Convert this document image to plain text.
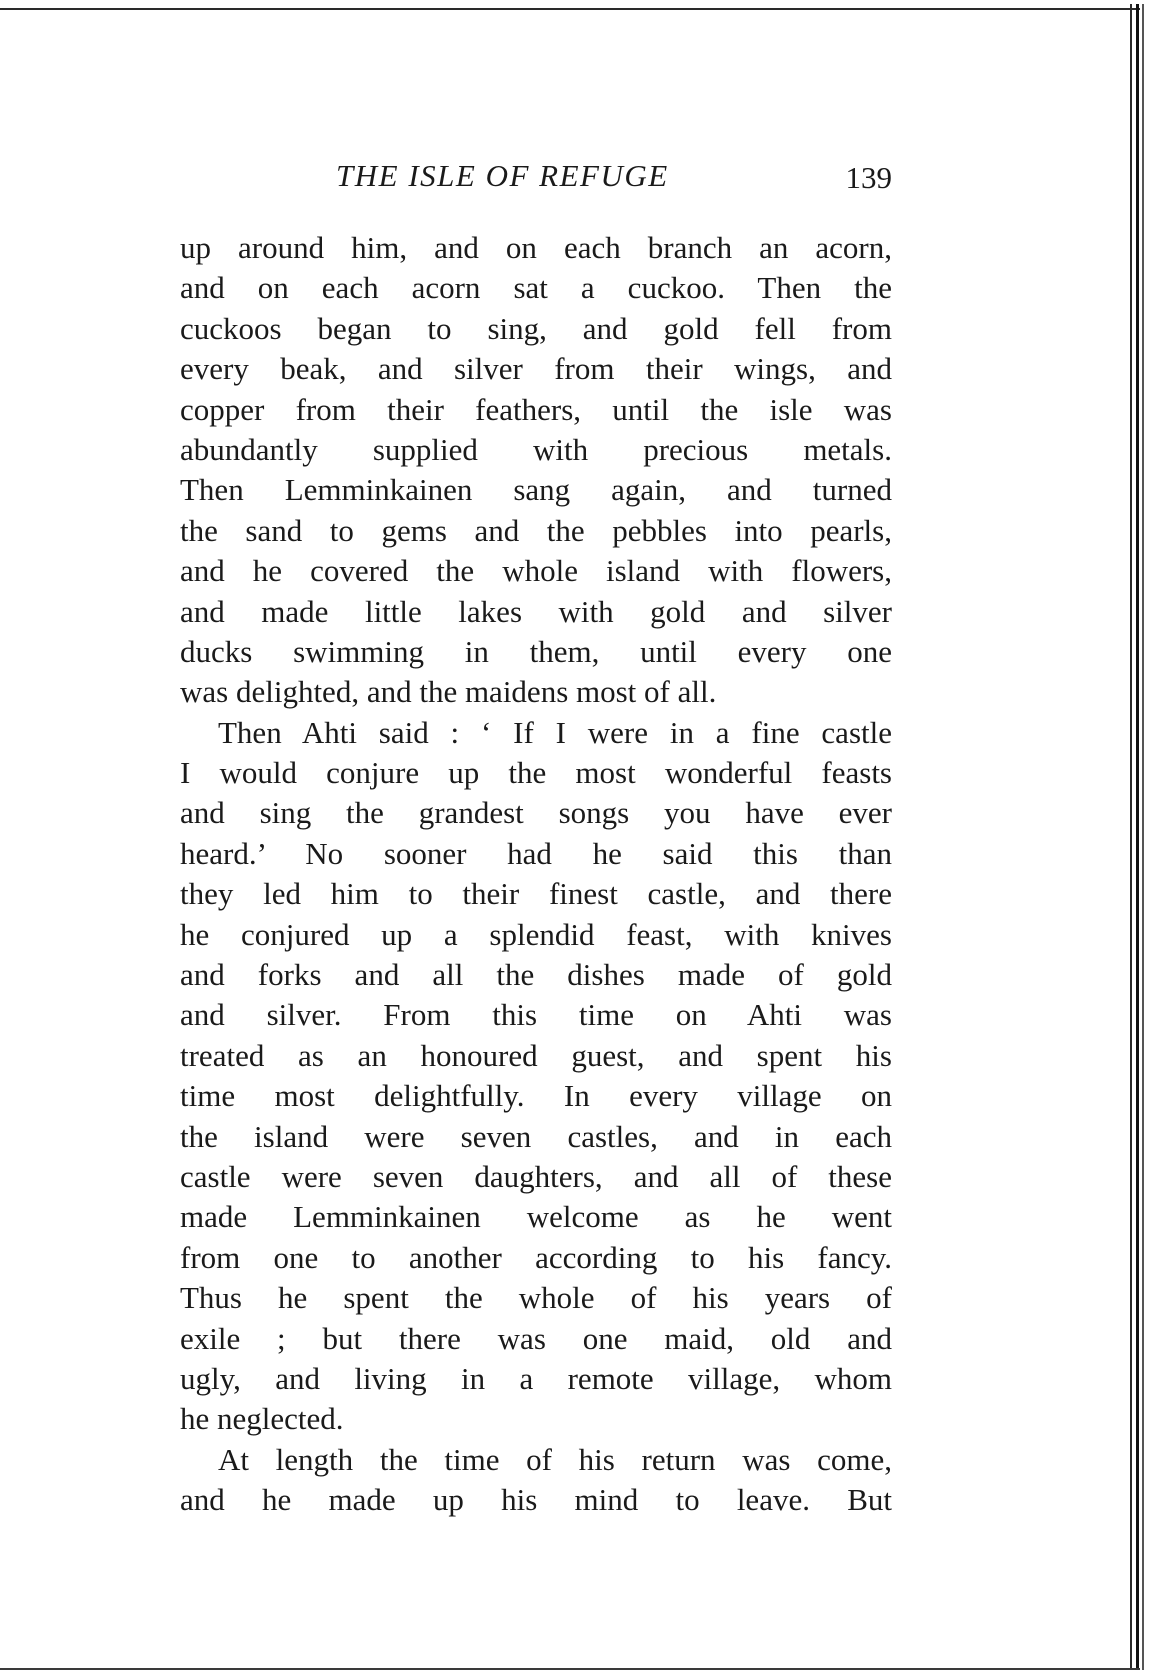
THE ISLE OF REFUGE	139
up around him, and on each branch an acorn,
and on each acorn sat a cuckoo. Then the
cuckoos began to sing, and gold fell from
every beak, and silver from their wings, and
copper from their feathers, until the isle was
abundantly supplied with precious metals.
Then Lemminkainen sang again, and turned
the sand to gems and the pebbles into pearls,
and he covered the whole island with flowers,
and made little lakes with gold and silver
ducks swimming in them, until every one
was delighted, and the maidens most of all.
Then Ahti said : ‘ If I were in a fine castle
I would conjure up the most wonderful feasts
and sing the grandest songs you have ever
heard.’ No sooner had he said this than
they led him to their finest castle, and there
he conjured up a splendid feast, with knives
and forks and all the dishes made of gold
and silver. From this time on Ahti was
treated as an honoured guest, and spent his
time most delightfully. In every village on
the island were seven castles, and in each
castle were seven daughters, and all of these
made Lemminkainen welcome as he went
from one to another according to his fancy.
Thus he spent the whole of his years of
exile ; but there was one maid, old and
ugly, and living in a remote village, whom
he neglected.
At length the time of his return was come,
and he made up his mind to leave. But
